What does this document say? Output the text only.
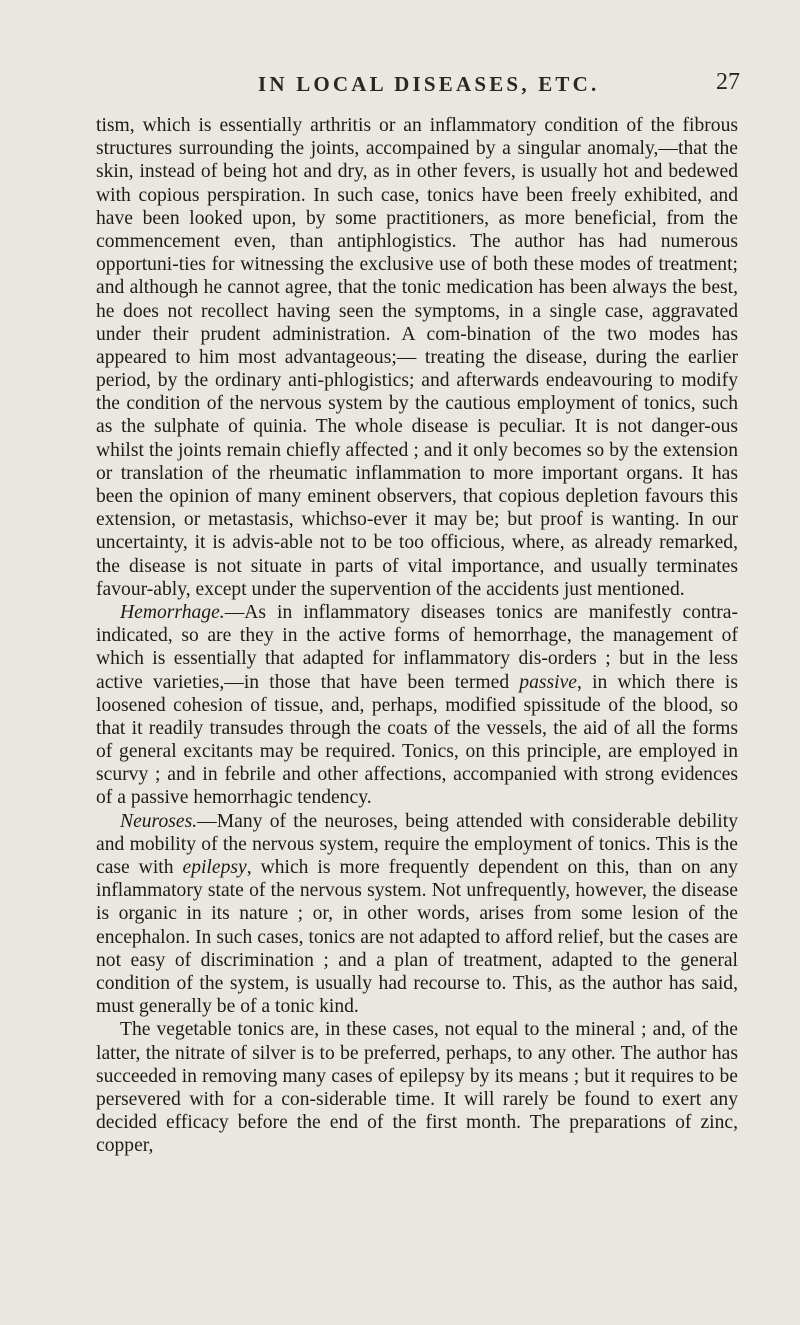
IN LOCAL DISEASES, ETC.	27

tism, which is essentially arthritis or an inflammatory condition of the fibrous structures surrounding the joints, accompained by a singular anomaly,—that the skin, instead of being hot and dry, as in other fevers, is usually hot and bedewed with copious perspiration. In such case, tonics have been freely exhibited, and have been looked upon, by some practitioners, as more beneficial, from the commencement even, than antiphlogistics. The author has had numerous opportuni-ties for witnessing the exclusive use of both these modes of treatment; and although he cannot agree, that the tonic medication has been always the best, he does not recollect having seen the symptoms, in a single case, aggravated under their prudent administration. A com-bination of the two modes has appeared to him most advantageous;— treating the disease, during the earlier period, by the ordinary anti-phlogistics; and afterwards endeavouring to modify the condition of the nervous system by the cautious employment of tonics, such as the sulphate of quinia. The whole disease is peculiar. It is not danger-ous whilst the joints remain chiefly affected ; and it only becomes so by the extension or translation of the rheumatic inflammation to more important organs. It has been the opinion of many eminent observers, that copious depletion favours this extension, or metastasis, whichso-ever it may be; but proof is wanting. In our uncertainty, it is advis-able not to be too officious, where, as already remarked, the disease is not situate in parts of vital importance, and usually terminates favour-ably, except under the supervention of the accidents just mentioned.

Hemorrhage.—As in inflammatory diseases tonics are manifestly contra-indicated, so are they in the active forms of hemorrhage, the management of which is essentially that adapted for inflammatory dis-orders ; but in the less active varieties,—in those that have been termed passive, in which there is loosened cohesion of tissue, and, perhaps, modified spissitude of the blood, so that it readily transudes through the coats of the vessels, the aid of all the forms of general excitants may be required. Tonics, on this principle, are employed in scurvy ; and in febrile and other affections, accompanied with strong evidences of a passive hemorrhagic tendency.

Neuroses.—Many of the neuroses, being attended with considerable debility and mobility of the nervous system, require the employment of tonics. This is the case with epilepsy, which is more frequently dependent on this, than on any inflammatory state of the nervous system. Not unfrequently, however, the disease is organic in its nature ; or, in other words, arises from some lesion of the encephalon. In such cases, tonics are not adapted to afford relief, but the cases are not easy of discrimination ; and a plan of treatment, adapted to the general condition of the system, is usually had recourse to. This, as the author has said, must generally be of a tonic kind.

The vegetable tonics are, in these cases, not equal to the mineral ; and, of the latter, the nitrate of silver is to be preferred, perhaps, to any other. The author has succeeded in removing many cases of epilepsy by its means ; but it requires to be persevered with for a con-siderable time. It will rarely be found to exert any decided efficacy before the end of the first month. The preparations of zinc, copper,
